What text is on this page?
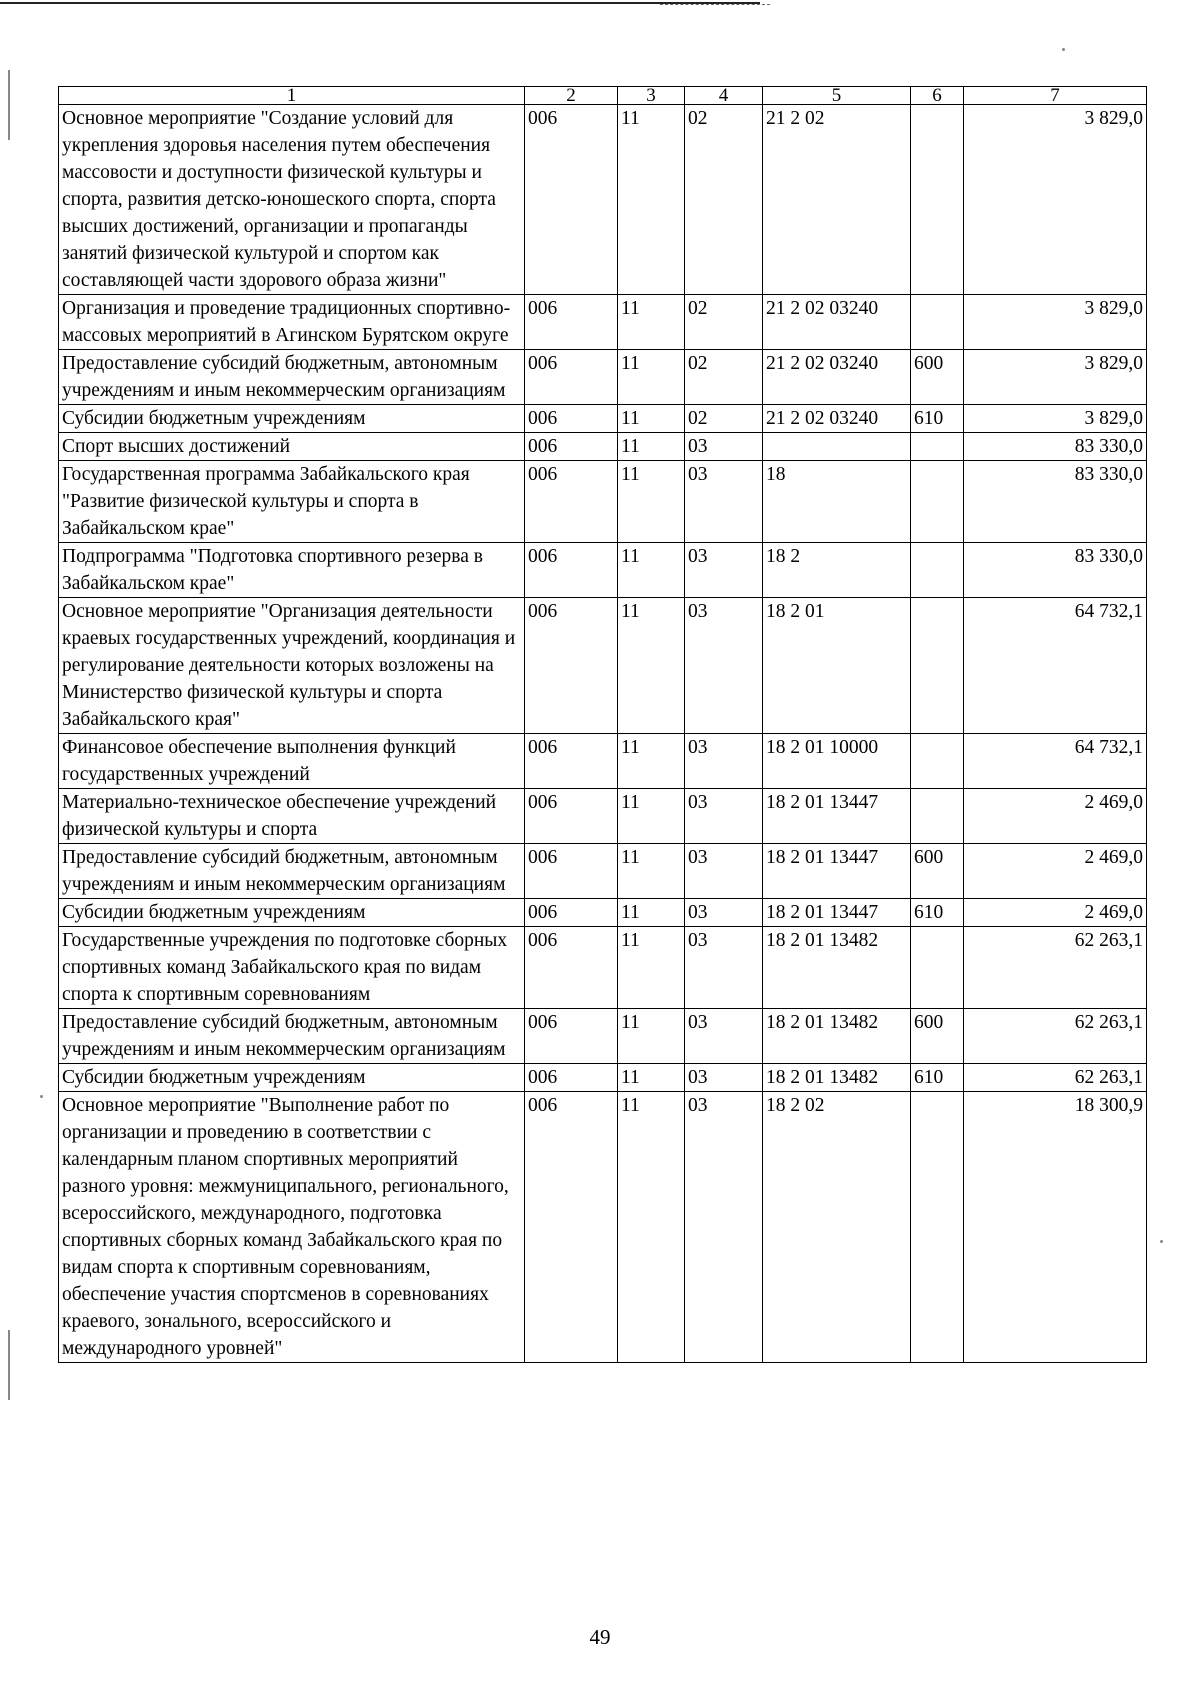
1	2	3	4	5	6	7
Основное мероприятие "Создание условий для укрепления здоровья населения путем обеспечения массовости и доступности физической культуры и спорта, развития детско-юношеского спорта, спорта высших достижений, организации и пропаганды занятий физической культурой и спортом как составляющей части здорового образа жизни"	006	11	02	21 2 02		3 829,0
Организация и проведение традиционных спортивно-массовых мероприятий в Агинском Бурятском округе	006	11	02	21 2 02 03240		3 829,0
Предоставление субсидий бюджетным, автономным учреждениям и иным некоммерческим организациям	006	11	02	21 2 02 03240	600	3 829,0
Субсидии бюджетным учреждениям	006	11	02	21 2 02 03240	610	3 829,0
Спорт высших достижений	006	11	03			83 330,0
Государственная программа Забайкальского края "Развитие физической культуры и спорта в Забайкальском крае"	006	11	03	18		83 330,0
Подпрограмма "Подготовка спортивного резерва в Забайкальском крае"	006	11	03	18 2		83 330,0
Основное мероприятие "Организация деятельности краевых государственных учреждений, координация и регулирование деятельности которых возложены на Министерство физической культуры и спорта Забайкальского края"	006	11	03	18 2 01		64 732,1
Финансовое обеспечение выполнения функций государственных учреждений	006	11	03	18 2 01 10000		64 732,1
Материально-техническое обеспечение учреждений физической культуры и спорта	006	11	03	18 2 01 13447		2 469,0
Предоставление субсидий бюджетным, автономным учреждениям и иным некоммерческим организациям	006	11	03	18 2 01 13447	600	2 469,0
Субсидии бюджетным учреждениям	006	11	03	18 2 01 13447	610	2 469,0
Государственные учреждения по подготовке сборных спортивных команд Забайкальского края по видам спорта к спортивным соревнованиям	006	11	03	18 2 01 13482		62 263,1
Предоставление субсидий бюджетным, автономным учреждениям и иным некоммерческим организациям	006	11	03	18 2 01 13482	600	62 263,1
Субсидии бюджетным учреждениям	006	11	03	18 2 01 13482	610	62 263,1
Основное мероприятие "Выполнение работ по организации и проведению в соответствии с календарным планом спортивных мероприятий разного уровня: межмуниципального, регионального, всероссийского, международного, подготовка спортивных сборных команд Забайкальского края по видам спорта к спортивным соревнованиям, обеспечение участия спортсменов в соревнованиях краевого, зонального, всероссийского и международного уровней"	006	11	03	18 2 02		18 300,9
49
